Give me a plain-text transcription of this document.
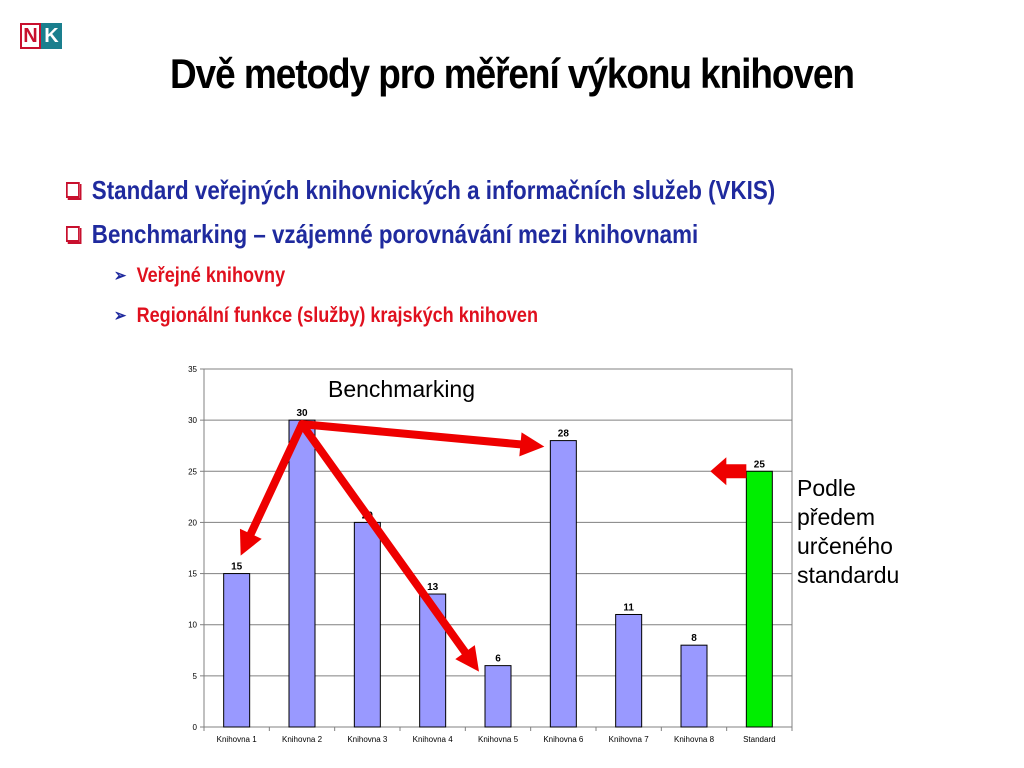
N K
Dvě metody pro měření výkonu knihoven
Standard veřejných knihovnických a informačních služeb (VKIS)
Benchmarking – vzájemné porovnávání mezi knihovnami
➢ Veřejné knihovny
➢ Regionální funkce (služby) krajských knihoven
0
5
10
15
20
25
30
35
15
Knihovna 1
30
Knihovna 2	Knihovna 3
13
Knihovna 4
6
Knihovna 5
28
Knihovna 6
11
Knihovna 7
8
Knihovna 8
25
Standard
Benchmarking
Podle
předem
určeného
standardu
